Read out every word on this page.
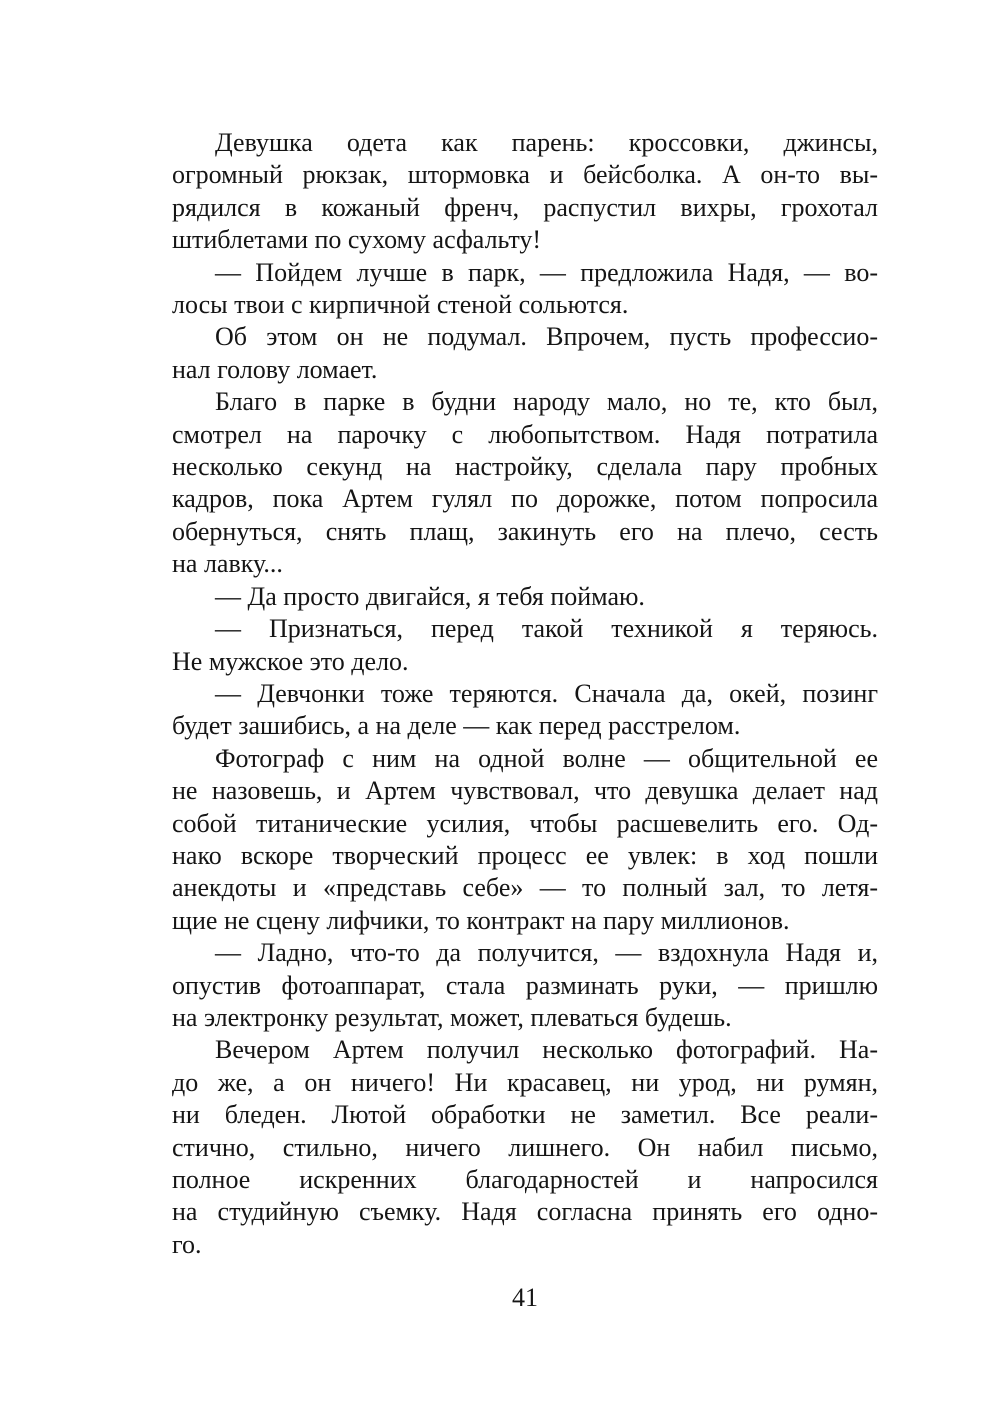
Девушка одета как парень: кроссовки, джинсы,
огромный рюкзак, штормовка и бейсболка. А он-то вы-
рядился в кожаный френч, распустил вихры, грохотал
штиблетами по сухому асфальту!

— Пойдем лучше в парк, — предложила Надя, — во-
лосы твои с кирпичной стеной сольются.

Об этом он не подумал. Впрочем, пусть профессио-
нал голову ломает.

Благо в парке в будни народу мало, но те, кто был,
смотрел на парочку с любопытством. Надя потратила
несколько секунд на настройку, сделала пару пробных
кадров, пока Артем гулял по дорожке, потом попросила
обернуться, снять плащ, закинуть его на плечо, сесть
на лавку...

— Да просто двигайся, я тебя поймаю.

— Признаться, перед такой техникой я теряюсь.
Не мужское это дело.

— Девчонки тоже теряются. Сначала да, окей, позинг
будет зашибись, а на деле — как перед расстрелом.

Фотограф с ним на одной волне — общительной ее
не назовешь, и Артем чувствовал, что девушка делает над
собой титанические усилия, чтобы расшевелить его. Од-
нако вскоре творческий процесс ее увлек: в ход пошли
анекдоты и «представь себе» — то полный зал, то летя-
щие не сцену лифчики, то контракт на пару миллионов.

— Ладно, что-то да получится, — вздохнула Надя и,
опустив фотоаппарат, стала разминать руки, — пришлю
на электронку результат, может, плеваться будешь.

Вечером Артем получил несколько фотографий. На-
до же, а он ничего! Ни красавец, ни урод, ни румян,
ни бледен. Лютой обработки не заметил. Все реали-
стично, стильно, ничего лишнего. Он набил письмо,
полное искренних благодарностей и напросился
на студийную съемку. Надя согласна принять его одно-
го.

41
